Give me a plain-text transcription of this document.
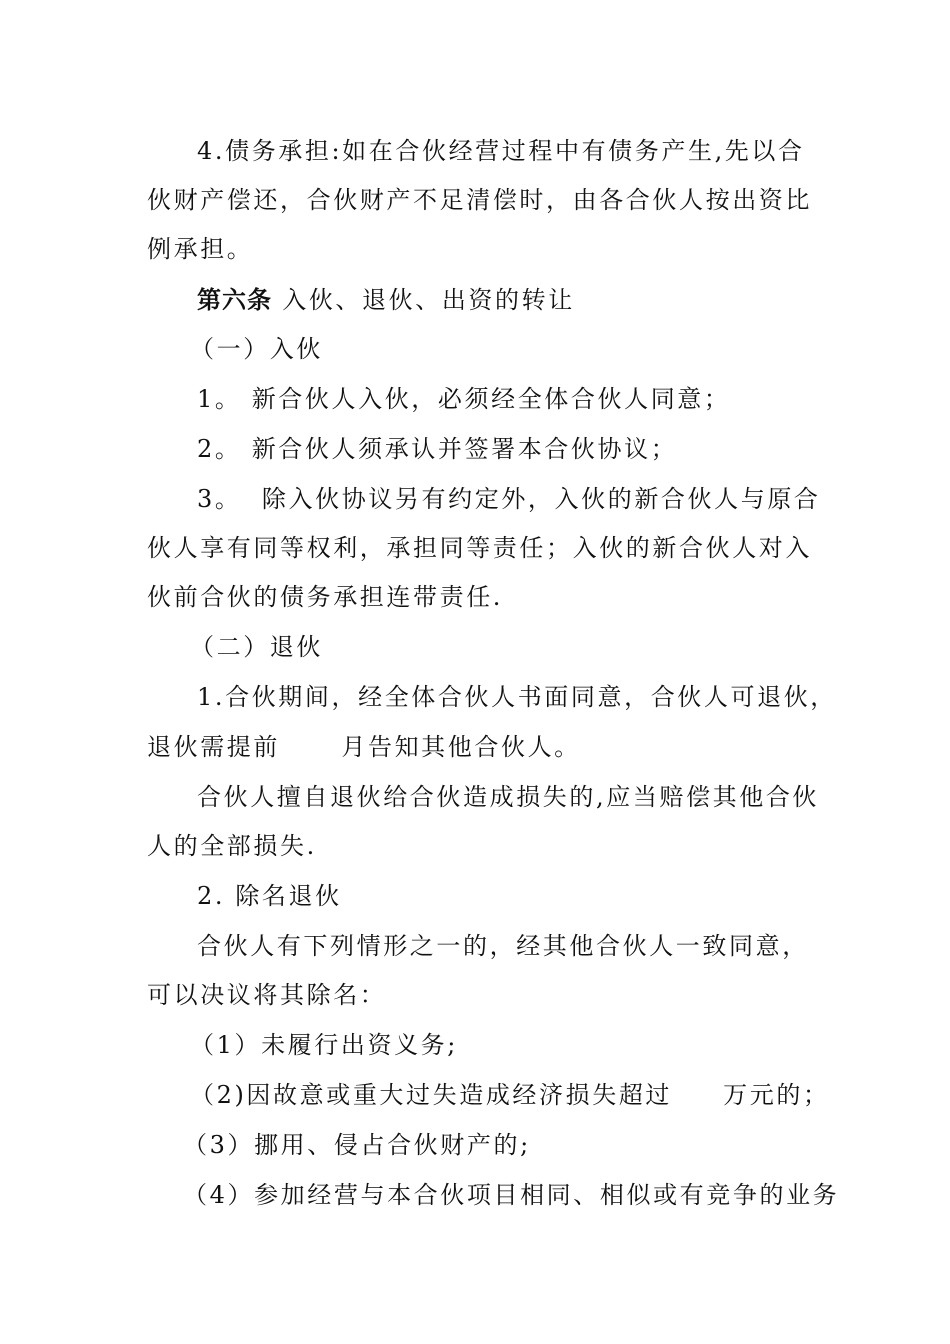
4.债务承担:如在合伙经营过程中有债务产生,先以合
伙财产偿还，合伙财产不足清偿时，由各合伙人按出资比
例承担。
第六条 入伙、退伙、出资的转让
（一）入伙
1。 新合伙人入伙，必须经全体合伙人同意；
2。 新合伙人须承认并签署本合伙协议；
3。  除入伙协议另有约定外，入伙的新合伙人与原合
伙人享有同等权利，承担同等责任；入伙的新合伙人对入
伙前合伙的债务承担连带责任.
（二）退伙
1.合伙期间，经全体合伙人书面同意，合伙人可退伙，
退伙需提前      月告知其他合伙人。
合伙人擅自退伙给合伙造成损失的,应当赔偿其他合伙
人的全部损失.
2. 除名退伙
合伙人有下列情形之一的，经其他合伙人一致同意，
可以决议将其除名：
（1）未履行出资义务;
（2)因故意或重大过失造成经济损失超过     万元的；
（3）挪用、侵占合伙财产的;
（4）参加经营与本合伙项目相同、相似或有竞争的业务
